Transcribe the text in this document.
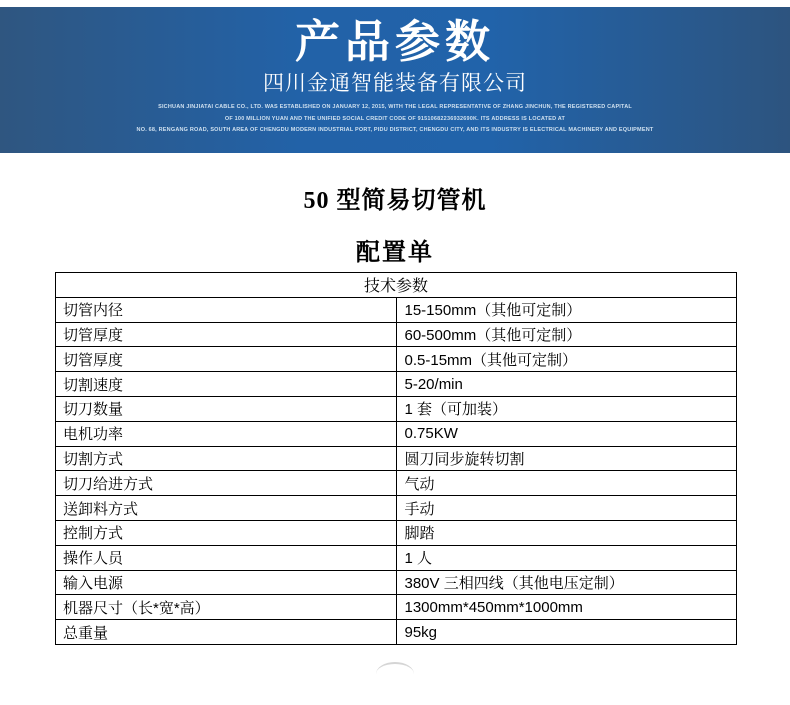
产品参数
四川金通智能装备有限公司
SICHUAN JINJIATAI CABLE CO., LTD. WAS ESTABLISHED ON JANUARY 12, 2015, WITH THE LEGAL REPRESENTATIVE OF ZHANG JINCHUN, THE REGISTERED CAPITAL
OF 100 MILLION YUAN AND THE UNIFIED SOCIAL CREDIT CODE OF 91510682236932690K. ITS ADDRESS IS LOCATED AT
NO. 68, RENGANG ROAD, SOUTH AREA OF CHENGDU MODERN INDUSTRIAL PORT, PIDU DISTRICT, CHENGDU CITY, AND ITS INDUSTRY IS ELECTRICAL MACHINERY AND EQUIPMENT
50 型简易切管机
配置单
技术参数	
切管内径	15-150mm（其他可定制）
切管厚度	60-500mm（其他可定制）
切管厚度	0.5-15mm（其他可定制）
切割速度	5-20/min
切刀数量	1 套（可加装）
电机功率	0.75KW
切割方式	圆刀同步旋转切割
切刀给进方式	气动
送卸料方式	手动
控制方式	脚踏
操作人员	1 人
输入电源	380V 三相四线（其他电压定制）
机器尺寸（长*宽*高）	1300mm*450mm*1000mm
总重量	95kg
